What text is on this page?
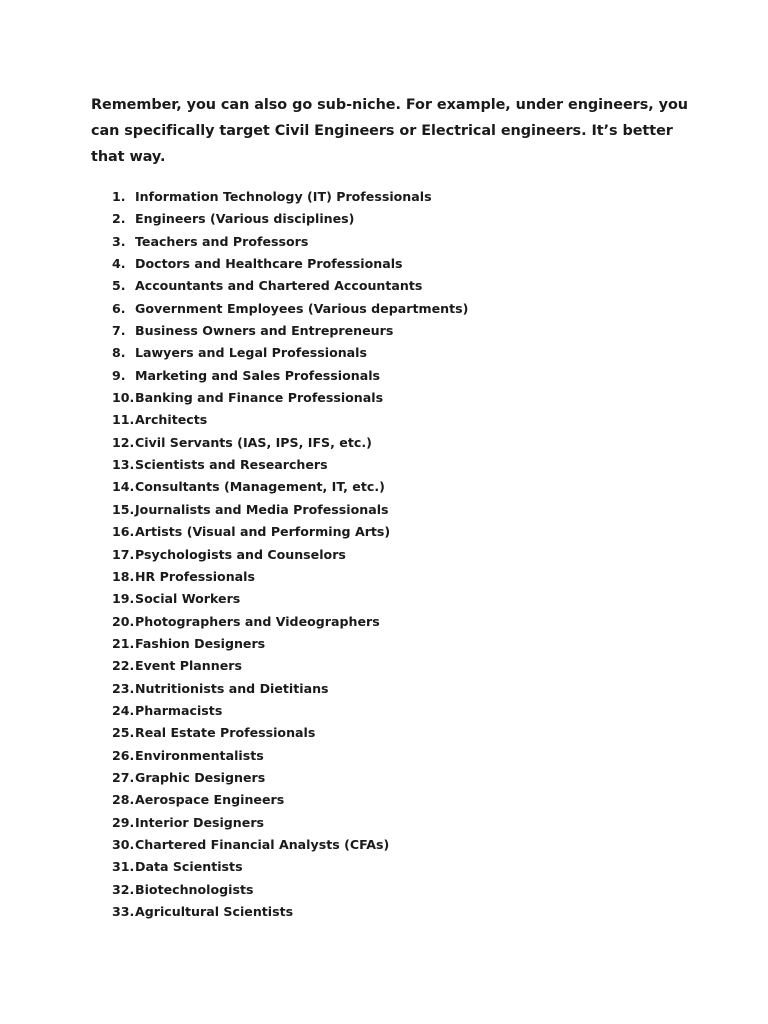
Remember, you can also go sub-niche. For example, under engineers, you can specifically target Civil Engineers or Electrical engineers. It’s better that way.

1. Information Technology (IT) Professionals
2. Engineers (Various disciplines)
3. Teachers and Professors
4. Doctors and Healthcare Professionals
5. Accountants and Chartered Accountants
6. Government Employees (Various departments)
7. Business Owners and Entrepreneurs
8. Lawyers and Legal Professionals
9. Marketing and Sales Professionals
10. Banking and Finance Professionals
11. Architects
12. Civil Servants (IAS, IPS, IFS, etc.)
13. Scientists and Researchers
14. Consultants (Management, IT, etc.)
15. Journalists and Media Professionals
16. Artists (Visual and Performing Arts)
17. Psychologists and Counselors
18. HR Professionals
19. Social Workers
20. Photographers and Videographers
21. Fashion Designers
22. Event Planners
23. Nutritionists and Dietitians
24. Pharmacists
25. Real Estate Professionals
26. Environmentalists
27. Graphic Designers
28. Aerospace Engineers
29. Interior Designers
30. Chartered Financial Analysts (CFAs)
31. Data Scientists
32. Biotechnologists
33. Agricultural Scientists
